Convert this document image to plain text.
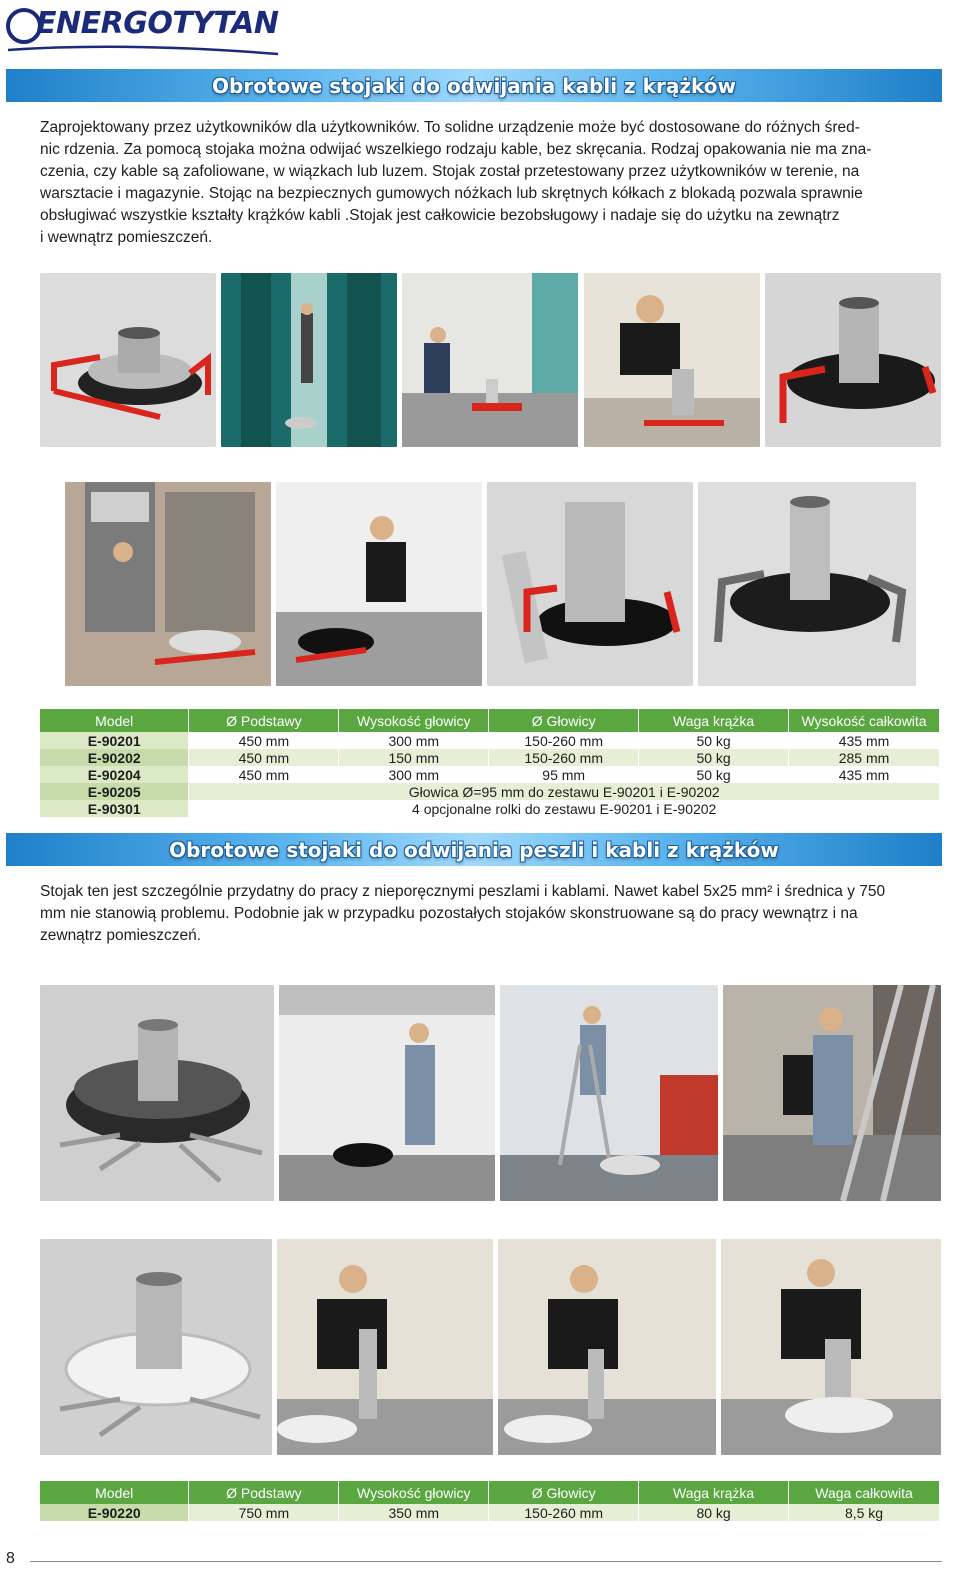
ENERGOTYTAN
Obrotowe stojaki do odwijania kabli z krążków
Zaprojektowany przez użytkowników dla użytkowników. To solidne urządzenie może być dostosowane do różnych śred-
nic rdzenia. Za pomocą stojaka można odwijać wszelkiego rodzaju kable, bez skręcania. Rodzaj opakowania nie ma zna-
czenia, czy kable są zafoliowane, w wiązkach lub luzem. Stojak został przetestowany przez użytkowników w terenie, na
warsztacie i magazynie. Stojąc na bezpiecznych gumowych nóżkach lub skrętnych kółkach z blokadą pozwala sprawnie
obsługiwać wszystkie kształty krążków kabli .Stojak jest całkowicie bezobsługowy i nadaje się do użytku na zewnątrz
i wewnątrz pomieszczeń.
Model	Ø Podstawy	Wysokość głowicy	Ø Głowicy	Waga krążka	Wysokość całkowita
E-90201	450 mm	300 mm	150-260 mm	50 kg	435 mm
E-90202	450 mm	150 mm	150-260 mm	50 kg	285 mm
E-90204	450 mm	300 mm	95 mm	50 kg	435 mm
E-90205	Głowica Ø=95 mm do zestawu E-90201 i E-90202				
E-90301	4 opcjonalne rolki do zestawu E-90201 i E-90202				
Obrotowe stojaki do odwijania peszli i kabli z krążków
Stojak ten jest szczególnie przydatny do pracy z nieporęcznymi peszlami i kablami. Nawet kabel 5x25 mm² i średnica y 750
mm nie stanowią problemu. Podobnie jak w przypadku pozostałych stojaków skonstruowane są do pracy wewnątrz i na
zewnątrz pomieszczeń.
Model	Ø Podstawy	Wysokość głowicy	Ø Głowicy	Waga krążka	Waga całkowita
E-90220	750 mm	350 mm	150-260 mm	80 kg	8,5 kg
8
